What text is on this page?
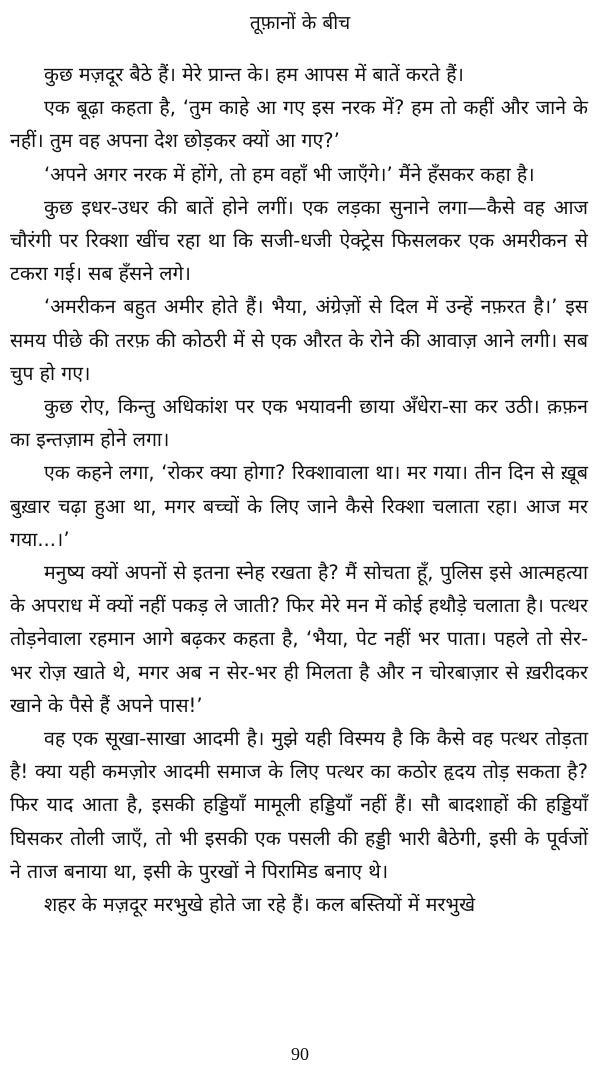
तूफ़ानों के बीच

कुछ मज़दूर बैठे हैं। मेरे प्रान्त के। हम आपस में बातें करते हैं।

एक बूढ़ा कहता है, ‘तुम काहे आ गए इस नरक में? हम तो कहीं और जाने के नहीं। तुम वह अपना देश छोड़कर क्यों आ गए?’

‘अपने अगर नरक में होंगे, तो हम वहाँ भी जाएँगे।’ मैंने हँसकर कहा है।

कुछ इधर-उधर की बातें होने लगीं। एक लड़का सुनाने लगा—कैसे वह आज चौरंगी पर रिक्शा खींच रहा था कि सजी-धजी ऐक्ट्रेस फिसलकर एक अमरीकन से टकरा गई। सब हँसने लगे।

‘अमरीकन बहुत अमीर होते हैं। भैया, अंग्रेज़ों से दिल में उन्हें नफ़रत है।’ इस समय पीछे की तरफ़ की कोठरी में से एक औरत के रोने की आवाज़ आने लगी। सब चुप हो गए।

कुछ रोए, किन्तु अधिकांश पर एक भयावनी छाया अँधेरा-सा कर उठी। क़फ़न का इन्तज़ाम होने लगा।

एक कहने लगा, ‘रोकर क्या होगा? रिक्शावाला था। मर गया। तीन दिन से ख़ूब बुख़ार चढ़ा हुआ था, मगर बच्चों के लिए जाने कैसे रिक्शा चलाता रहा। आज मर गया...।’

मनुष्य क्यों अपनों से इतना स्नेह रखता है? मैं सोचता हूँ, पुलिस इसे आत्महत्या के अपराध में क्यों नहीं पकड़ ले जाती? फिर मेरे मन में कोई हथौड़े चलाता है। पत्थर तोड़नेवाला रहमान आगे बढ़कर कहता है, ‘भैया, पेट नहीं भर पाता। पहले तो सेर-भर रोज़ खाते थे, मगर अब न सेर-भर ही मिलता है और न चोरबाज़ार से ख़रीदकर खाने के पैसे हैं अपने पास!’

वह एक सूखा-साखा आदमी है। मुझे यही विस्मय है कि कैसे वह पत्थर तोड़ता है! क्या यही कमज़ोर आदमी समाज के लिए पत्थर का कठोर हृदय तोड़ सकता है? फिर याद आता है, इसकी हड्डियाँ मामूली हड्डियाँ नहीं हैं। सौ बादशाहों की हड्डियाँ घिसकर तोली जाएँ, तो भी इसकी एक पसली की हड्डी भारी बैठेगी, इसी के पूर्वजों ने ताज बनाया था, इसी के पुरखों ने पिरामिड बनाए थे।

शहर के मज़दूर मरभुखे होते जा रहे हैं। कल बस्तियों में मरभुखे

90
